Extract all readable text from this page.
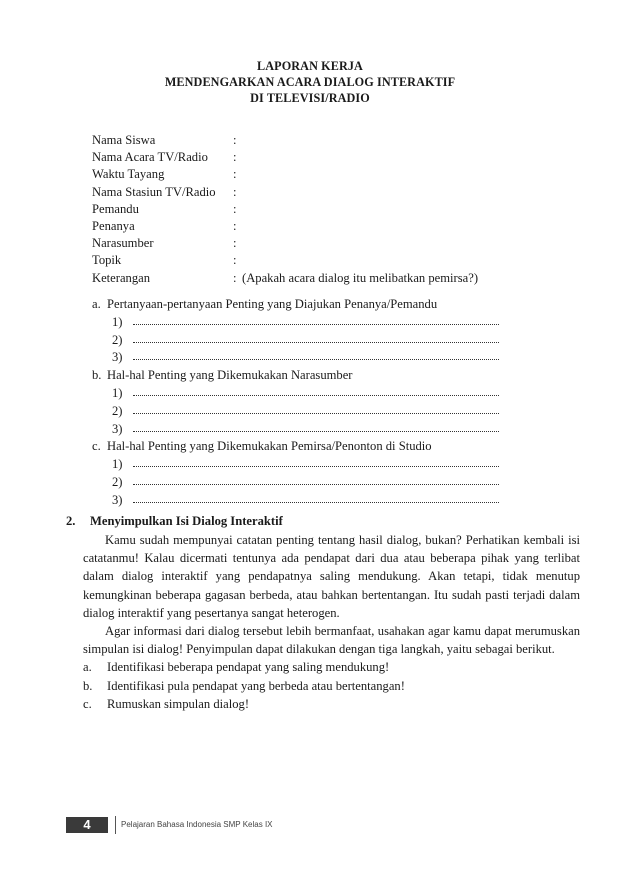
LAPORAN KERJA
MENDENGARKAN ACARA DIALOG INTERAKTIF
DI TELEVISI/RADIO
Nama Siswa	:
Nama Acara TV/Radio :
Waktu Tayang	:
Nama Stasiun TV/Radio :
Pemandu	:
Penanya	:
Narasumber	:
Topik	:
Keterangan	: (Apakah acara dialog itu melibatkan pemirsa?)
a. Pertanyaan-pertanyaan Penting yang Diajukan Penanya/Pemandu
1)
2)
3)
b. Hal-hal Penting yang Dikemukakan Narasumber
1)
2)
3)
c. Hal-hal Penting yang Dikemukakan Pemirsa/Penonton di Studio
1)
2)
3)
2. Menyimpulkan Isi Dialog Interaktif

Kamu sudah mempunyai catatan penting tentang hasil dialog, bukan? Perhatikan kembali isi catatanmu! Kalau dicermati tentunya ada pendapat dari dua atau beberapa pihak yang terlibat dalam dialog interaktif yang pendapatnya saling mendukung. Akan tetapi, tidak menutup kemungkinan beberapa gagasan berbeda, atau bahkan bertentangan. Itu sudah pasti terjadi dalam dialog interaktif yang pesertanya sangat heterogen.

Agar informasi dari dialog tersebut lebih bermanfaat, usahakan agar kamu dapat merumuskan simpulan isi dialog! Penyimpulan dapat dilakukan dengan tiga langkah, yaitu sebagai berikut.

a. Identifikasi beberapa pendapat yang saling mendukung!
b. Identifikasi pula pendapat yang berbeda atau bertentangan!
c. Rumuskan simpulan dialog!
4	Pelajaran Bahasa Indonesia SMP Kelas IX
